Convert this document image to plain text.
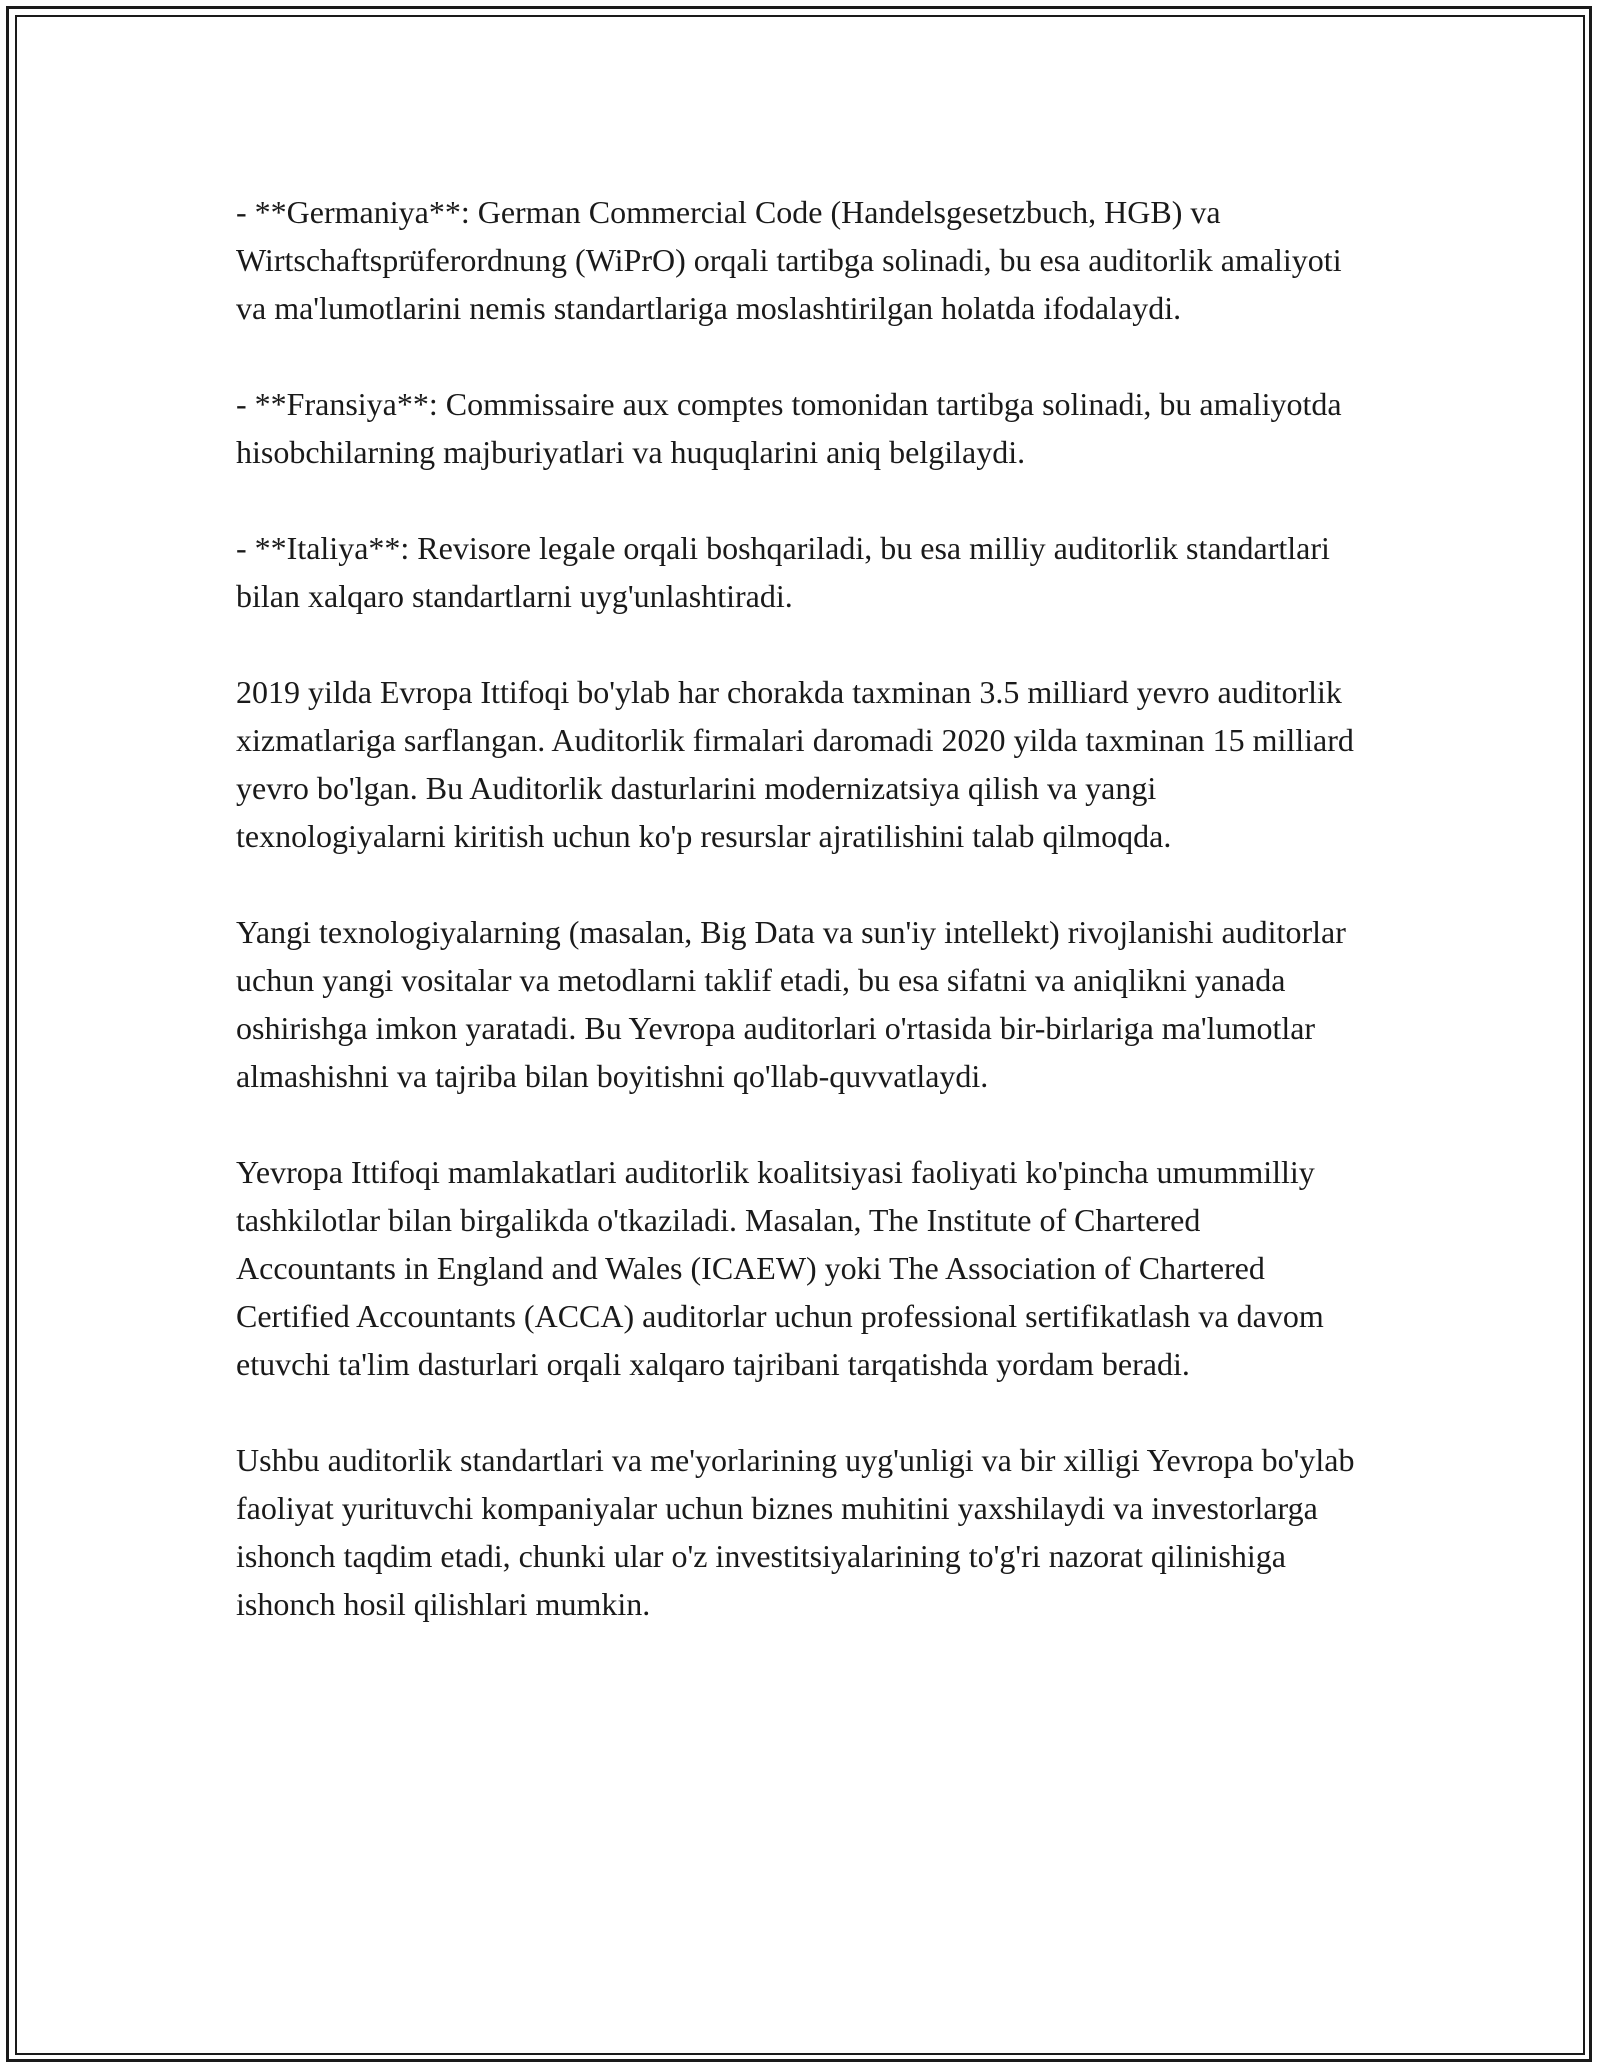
- **Germaniya**: German Commercial Code (Handelsgesetzbuch, HGB) va Wirtschaftsprüferordnung (WiPrO) orqali tartibga solinadi, bu esa auditorlik amaliyoti va ma'lumotlarini nemis standartlariga moslashtirilgan holatda ifodalaydi.

- **Fransiya**: Commissaire aux comptes tomonidan tartibga solinadi, bu amaliyotda hisobchilarning majburiyatlari va huquqlarini aniq belgilaydi.

- **Italiya**: Revisore legale orqali boshqariladi, bu esa milliy auditorlik standartlari bilan xalqaro standartlarni uyg'unlashtiradi.

2019 yilda Evropa Ittifoqi bo'ylab har chorakda taxminan 3.5 milliard yevro auditorlik xizmatlariga sarflangan. Auditorlik firmalari daromadi 2020 yilda taxminan 15 milliard yevro bo'lgan. Bu Auditorlik dasturlarini modernizatsiya qilish va yangi texnologiyalarni kiritish uchun ko'p resurslar ajratilishini talab qilmoqda.

Yangi texnologiyalarning (masalan, Big Data va sun'iy intellekt) rivojlanishi auditorlar uchun yangi vositalar va metodlarni taklif etadi, bu esa sifatni va aniqlikni yanada oshirishga imkon yaratadi. Bu Yevropa auditorlari o'rtasida bir-birlariga ma'lumotlar almashishni va tajriba bilan boyitishni qo'llab-quvvatlaydi.

Yevropa Ittifoqi mamlakatlari auditorlik koalitsiyasi faoliyati ko'pincha umummilliy tashkilotlar bilan birgalikda o'tkaziladi. Masalan, The Institute of Chartered Accountants in England and Wales (ICAEW) yoki The Association of Chartered Certified Accountants (ACCA) auditorlar uchun professional sertifikatlash va davom etuvchi ta'lim dasturlari orqali xalqaro tajribani tarqatishda yordam beradi.

Ushbu auditorlik standartlari va me'yorlarining uyg'unligi va bir xilligi Yevropa bo'ylab faoliyat yurituvchi kompaniyalar uchun biznes muhitini yaxshilaydi va investorlarga ishonch taqdim etadi, chunki ular o'z investitsiyalarining to'g'ri nazorat qilinishiga ishonch hosil qilishlari mumkin.
